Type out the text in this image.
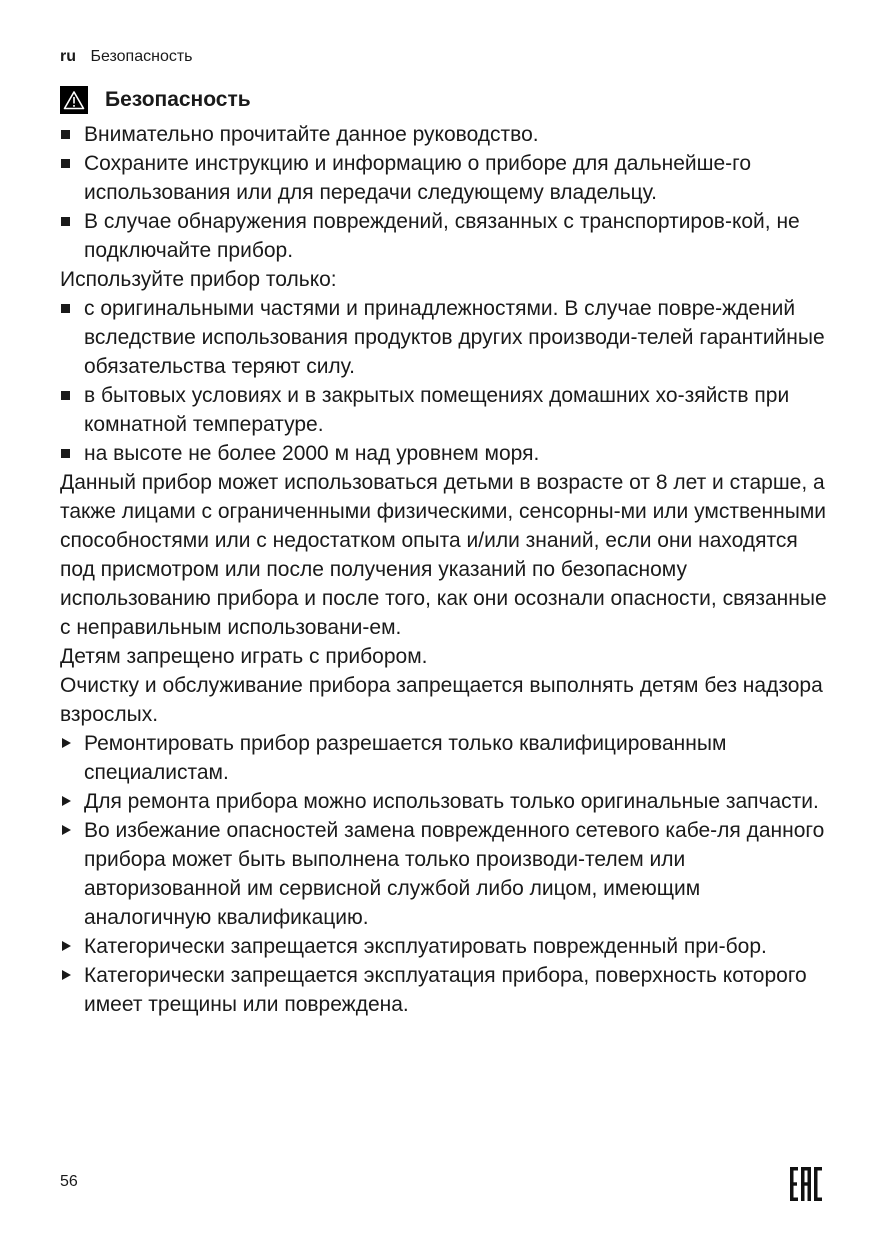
ru Безопасность
Безопасность

Внимательно прочитайте данное руководство.

Сохраните инструкцию и информацию о приборе для дальнейше-го использования или для передачи следующему владельцу.

В случае обнаружения повреждений, связанных с транспортиров-кой, не подключайте прибор.

Используйте прибор только:

с оригинальными частями и принадлежностями. В случае повре-ждений вследствие использования продуктов других производи-телей гарантийные обязательства теряют силу.

в бытовых условиях и в закрытых помещениях домашних хо-зяйств при комнатной температуре.

на высоте не более 2000 м над уровнем моря.

Данный прибор может использоваться детьми в возрасте от 8 лет и старше, а также лицами с ограниченными физическими, сенсорны-ми или умственными способностями или с недостатком опыта и/или знаний, если они находятся под присмотром или после получения указаний по безопасному использованию прибора и после того, как они осознали опасности, связанные с неправильным использовани-ем.

Детям запрещено играть с прибором.

Очистку и обслуживание прибора запрещается выполнять детям без надзора взрослых.

Ремонтировать прибор разрешается только квалифицированным специалистам.

Для ремонта прибора можно использовать только оригинальные запчасти.

Во избежание опасностей замена поврежденного сетевого кабе-ля данного прибора может быть выполнена только производи-телем или авторизованной им сервисной службой либо лицом, имеющим аналогичную квалификацию.

Категорически запрещается эксплуатировать поврежденный при-бор.

Категорически запрещается эксплуатация прибора, поверхность которого имеет трещины или повреждена.

56
